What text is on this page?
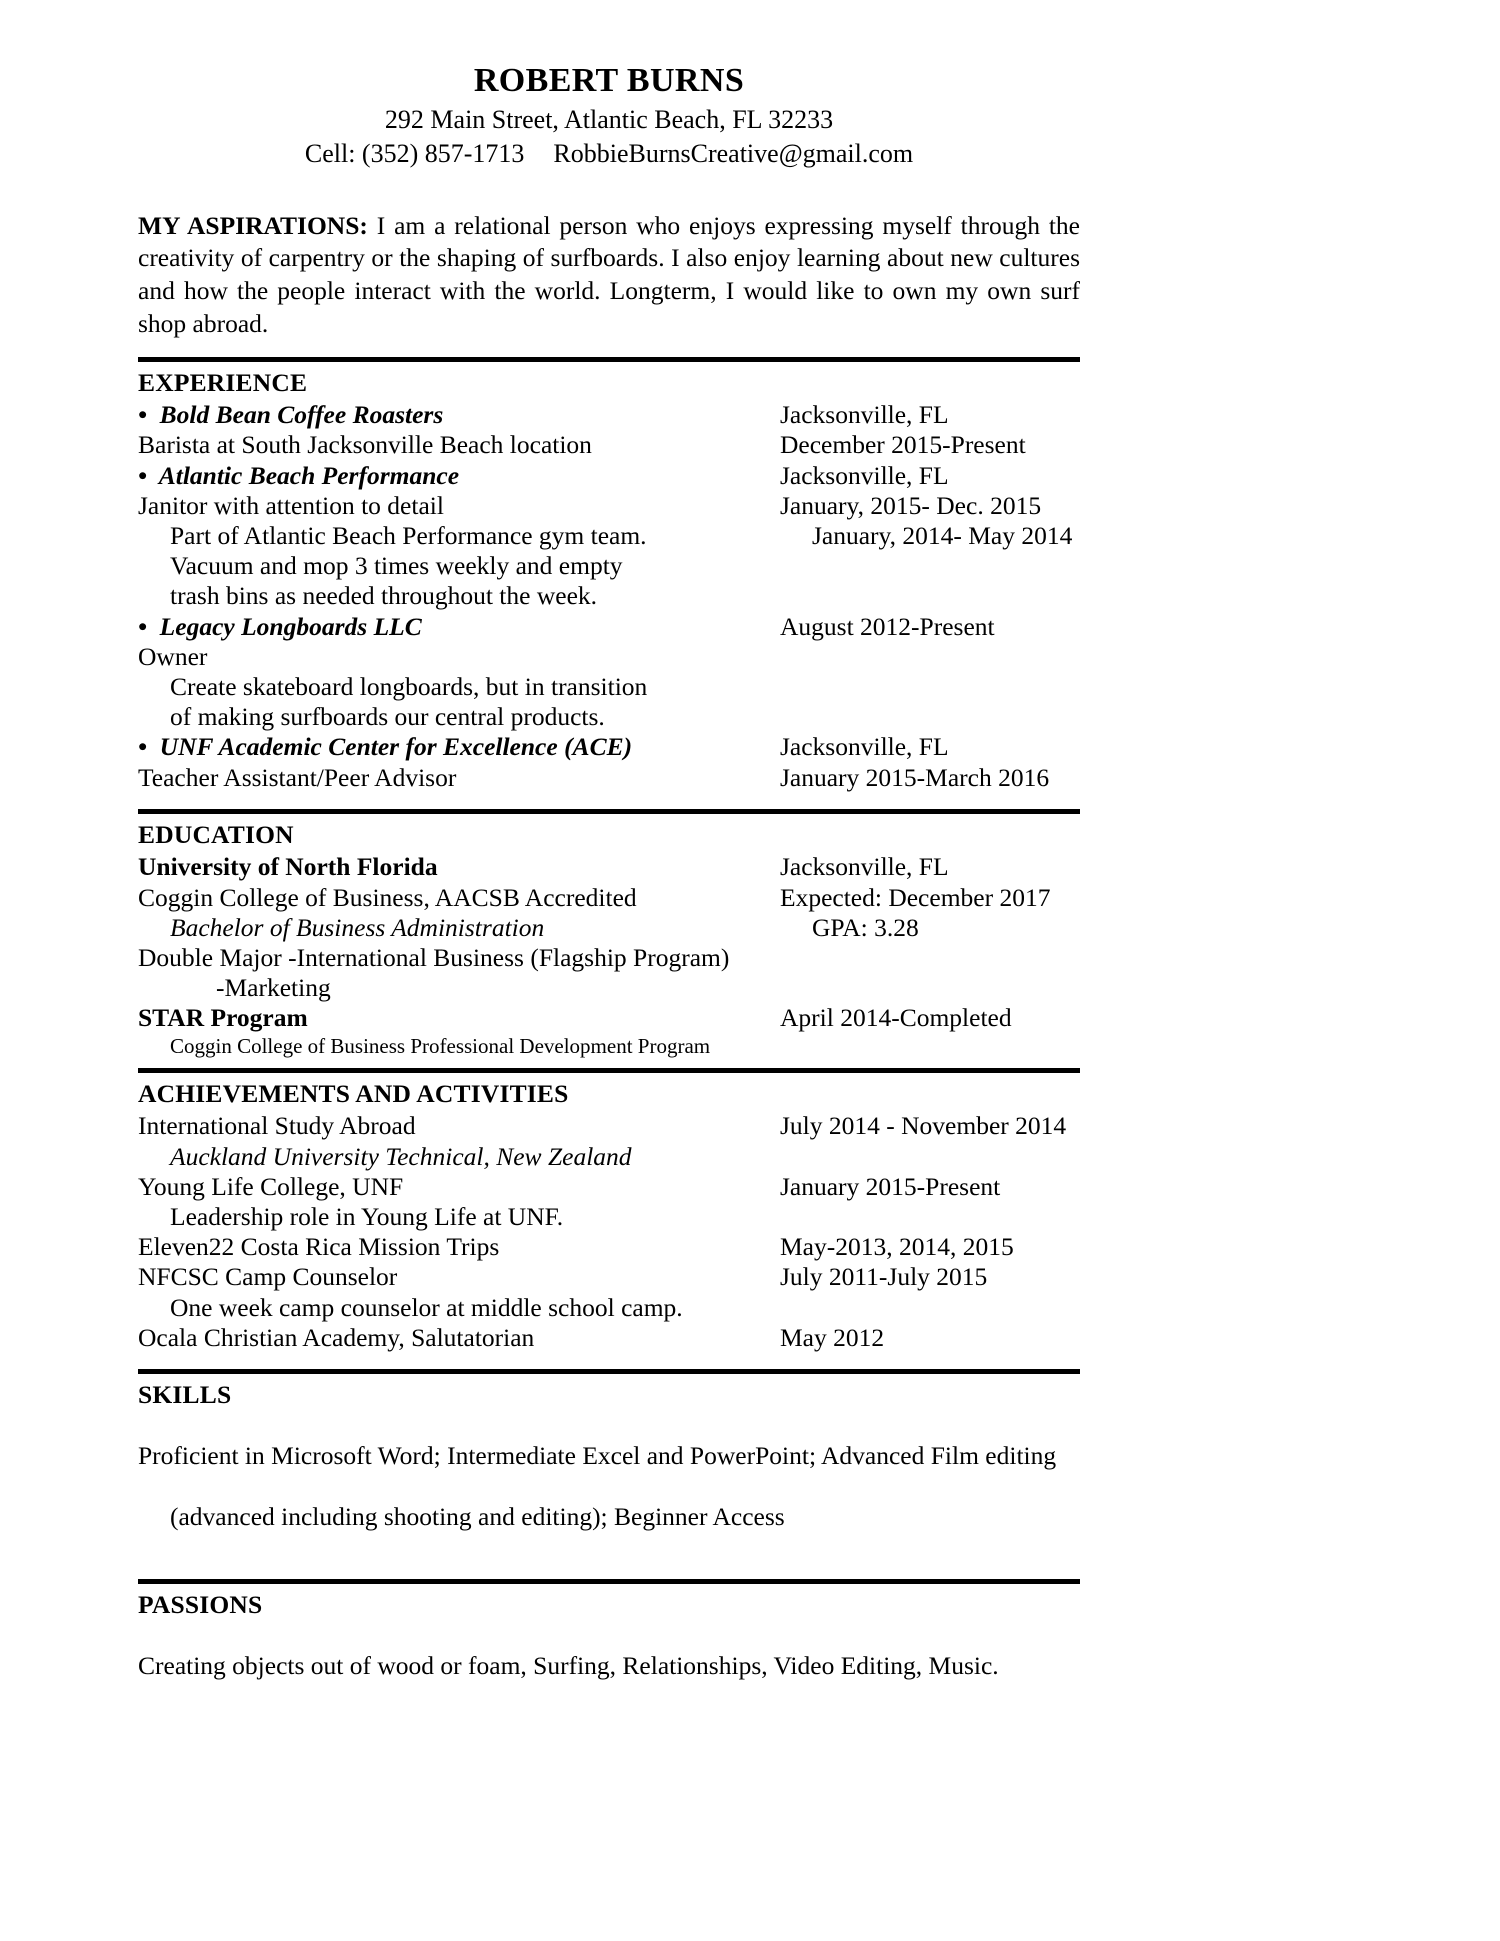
ROBERT BURNS
292 Main Street, Atlantic Beach, FL 32233
Cell: (352) 857-1713 RobbieBurnsCreative@gmail.com
MY ASPIRATIONS: I am a relational person who enjoys expressing myself through the creativity of carpentry or the shaping of surfboards. I also enjoy learning about new cultures and how the people interact with the world. Longterm, I would like to own my own surf shop abroad.
EXPERIENCE
•  Bold Bean Coffee Roasters	Jacksonville, FL
Barista at South Jacksonville Beach location	December 2015-Present
•  Atlantic Beach Performance	Jacksonville, FL
Janitor with attention to detail	January, 2015- Dec. 2015
Part of Atlantic Beach Performance gym team.	January, 2014- May 2014
Vacuum and mop 3 times weekly and empty
trash bins as needed throughout the week.
•  Legacy Longboards LLC	August 2012-Present
Owner
Create skateboard longboards, but in transition
of making surfboards our central products.
•  UNF Academic Center for Excellence (ACE)	Jacksonville, FL
Teacher Assistant/Peer Advisor	January 2015-March 2016
EDUCATION
University of North Florida	Jacksonville, FL
Coggin College of Business, AACSB Accredited	Expected: December 2017
Bachelor of Business Administration	GPA: 3.28
Double Major -International Business (Flagship Program)
-Marketing
STAR Program	April 2014-Completed
Coggin College of Business Professional Development Program
ACHIEVEMENTS AND ACTIVITIES
International Study Abroad	July 2014 - November 2014
Auckland University Technical, New Zealand
Young Life College, UNF	January 2015-Present
Leadership role in Young Life at UNF.
Eleven22 Costa Rica Mission Trips	May-2013, 2014, 2015
NFCSC Camp Counselor	July 2011-July 2015
One week camp counselor at middle school camp.
Ocala Christian Academy, Salutatorian	May 2012
SKILLS

Proficient in Microsoft Word; Intermediate Excel and PowerPoint; Advanced Film editing

(advanced including shooting and editing); Beginner Access

PASSIONS

Creating objects out of wood or foam, Surfing, Relationships, Video Editing, Music.
